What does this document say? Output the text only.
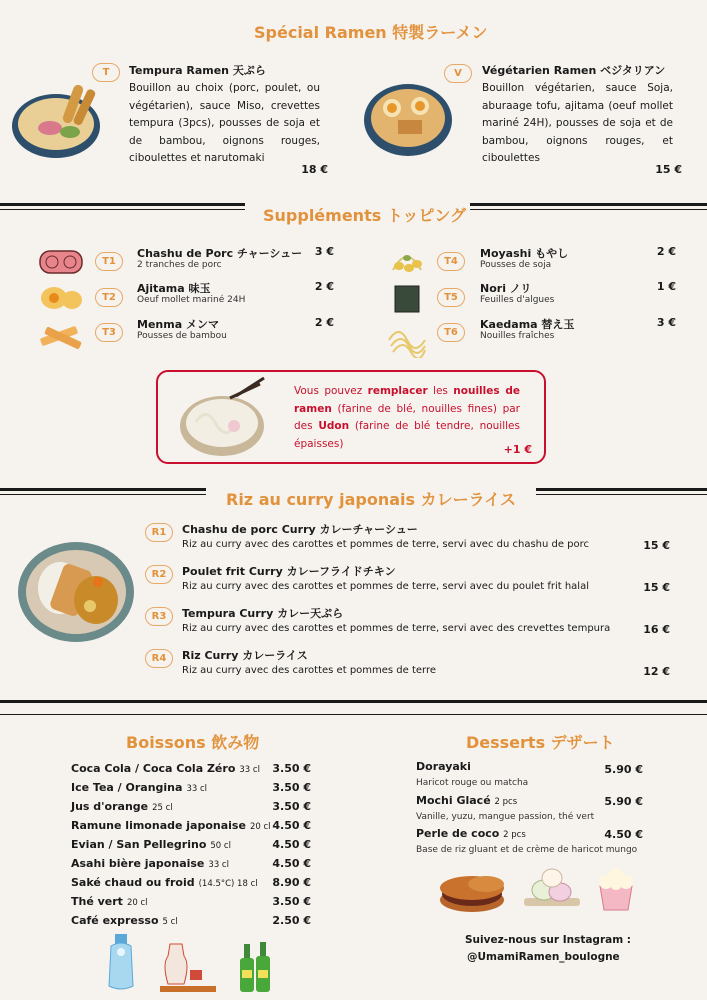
Spécial Ramen 特製ラーメン
T	Tempura Ramen 天ぷら
Bouillon au choix (porc, poulet, ou végétarien), sauce Miso, crevettes tempura (3pcs), pousses de soja et de bambou, oignons rouges, ciboulettes et narutomaki
18 €
V	Végétarien Ramen ベジタリアン
Bouillon végétarien, sauce Soja, aburaage tofu, ajitama (oeuf mollet mariné 24H), pousses de soja et de bambou, oignons rouges, et ciboulettes
15 €
Suppléments トッピング
T1
Chashu de Porc チャーシュー
2 tranches de porc
3 €
T2
Ajitama 味玉
Oeuf mollet mariné 24H
2 €
T3
Menma メンマ
Pousses de bambou
2 €
T4
Moyashi もやし
Pousses de soja
2 €
T5
Nori ノリ
Feuilles d'algues
1 €
T6
Kaedama 替え玉
Nouilles fraîches
3 €
Vous pouvez remplacer les nouilles de ramen (farine de blé, nouilles fines) par des Udon (farine de blé tendre, nouilles épaisses)	+1 €
Riz au curry japonais カレーライス
R1	Chashu de porc Curry カレーチャーシュー
Riz au curry avec des carottes et pommes de terre, servi avec du chashu de porc	15 €
R2	Poulet frit Curry カレーフライドチキン
Riz au curry avec des carottes et pommes de terre, servi avec du poulet frit halal	15 €
R3	Tempura Curry カレー天ぷら
Riz au curry avec des carottes et pommes de terre, servi avec des crevettes tempura	16 €
R4	Riz Curry カレーライス
Riz au curry avec des carottes et pommes de terre	12 €
Boissons 飲み物
Coca Cola / Coca Cola Zéro 33 cl 3.50 €
Ice Tea / Orangina 33 cl	3.50 €
Jus d'orange 25 cl	3.50 €
Ramune limonade japonaise 20 cl 4.50 €
Evian / San Pellegrino 50 cl	4.50 €
Asahi bière japonaise 33 cl	4.50 €
Saké chaud ou froid (14.5°C) 18 cl 8.90 €
Thé vert 20 cl	3.50 €
Café expresso 5 cl	2.50 €
Desserts デザート
Dorayaki
Haricot rouge ou matcha
5.90 €
Mochi Glacé 2 pcs
Vanille, yuzu, mangue passion, thé vert
5.90 €
Perle de coco 2 pcs
Base de riz gluant et de crème de haricot mungo
4.50 €
Suivez-nous sur Instagram :
@UmamiRamen_boulogne
